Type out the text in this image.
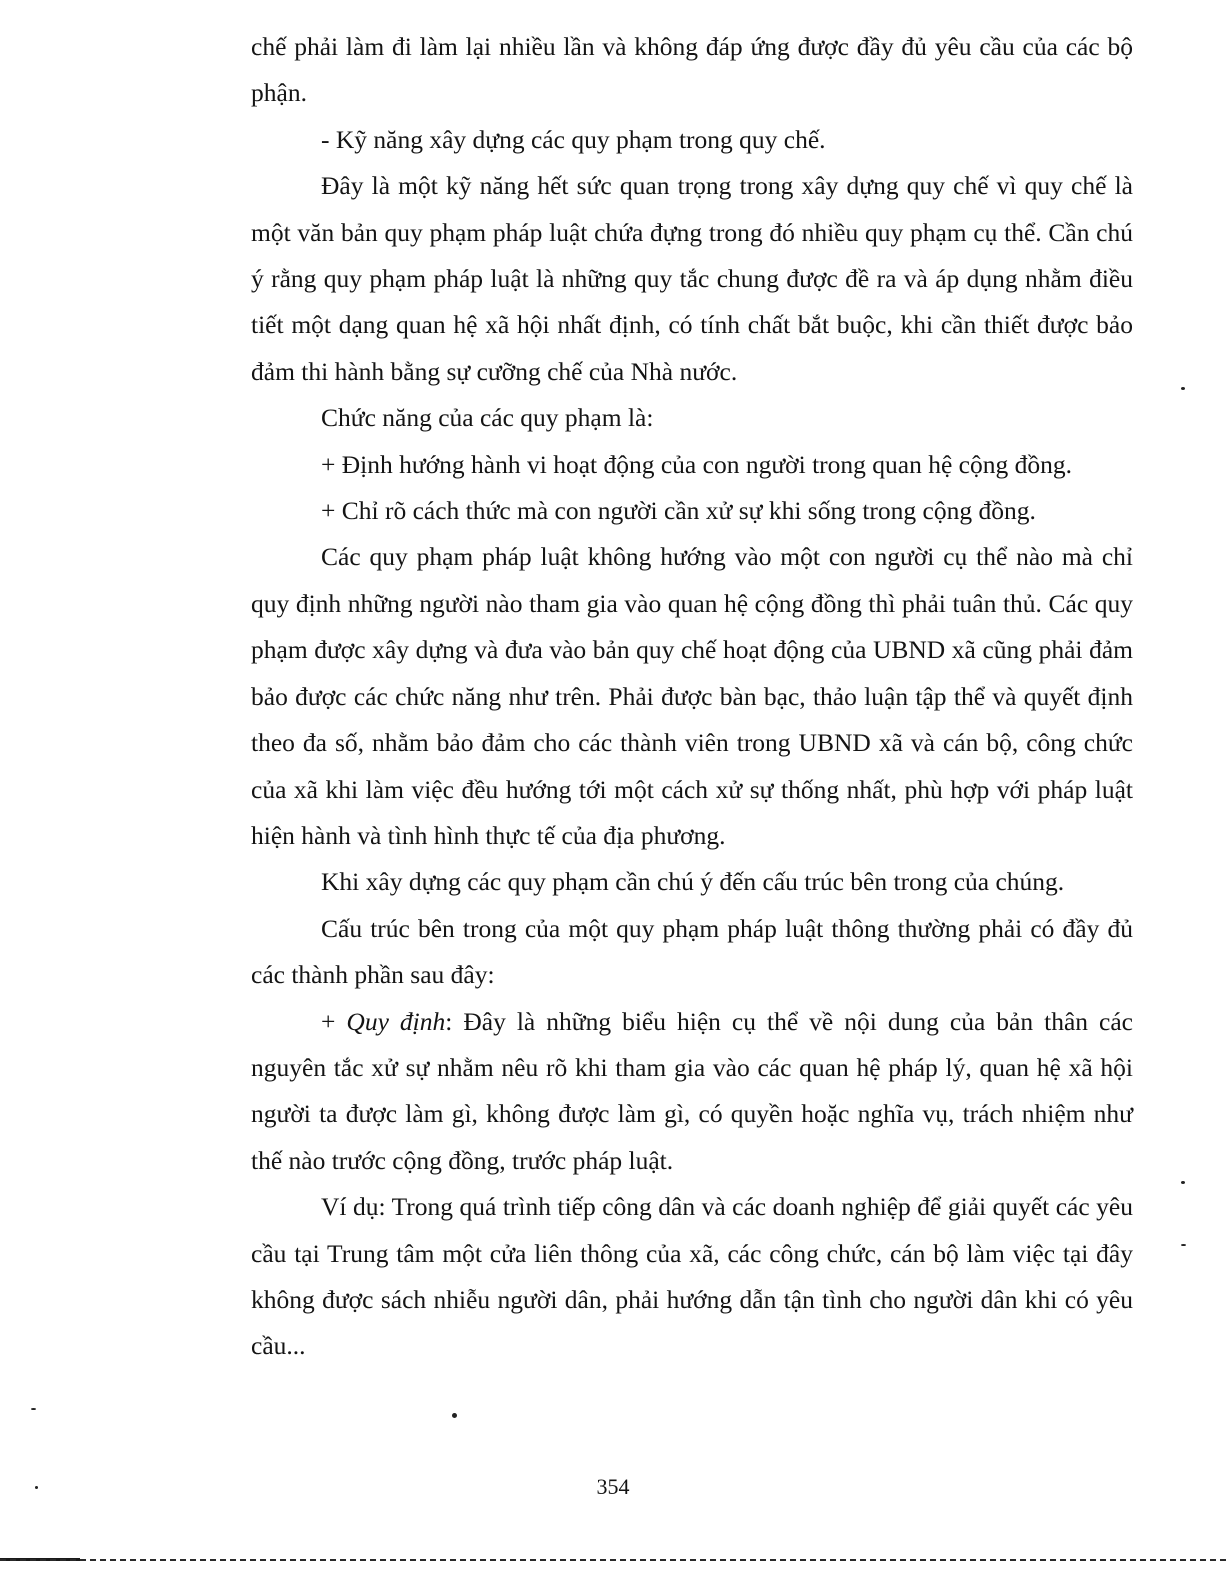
chế phải làm đi làm lại nhiều lần và không đáp ứng được đầy đủ yêu cầu của các bộ phận.

- Kỹ năng xây dựng các quy phạm trong quy chế.

Đây là một kỹ năng hết sức quan trọng trong xây dựng quy chế vì quy chế là một văn bản quy phạm pháp luật chứa đựng trong đó nhiều quy phạm cụ thể. Cần chú ý rằng quy phạm pháp luật là những quy tắc chung được đề ra và áp dụng nhằm điều tiết một dạng quan hệ xã hội nhất định, có tính chất bắt buộc, khi cần thiết được bảo đảm thi hành bằng sự cưỡng chế của Nhà nước.

Chức năng của các quy phạm là:

+ Định hướng hành vi hoạt động của con người trong quan hệ cộng đồng.

+ Chỉ rõ cách thức mà con người cần xử sự khi sống trong cộng đồng.

Các quy phạm pháp luật không hướng vào một con người cụ thể nào mà chỉ quy định những người nào tham gia vào quan hệ cộng đồng thì phải tuân thủ. Các quy phạm được xây dựng và đưa vào bản quy chế hoạt động của UBND xã cũng phải đảm bảo được các chức năng như trên. Phải được bàn bạc, thảo luận tập thể và quyết định theo đa số, nhằm bảo đảm cho các thành viên trong UBND xã và cán bộ, công chức của xã khi làm việc đều hướng tới một cách xử sự thống nhất, phù hợp với pháp luật hiện hành và tình hình thực tế của địa phương.

Khi xây dựng các quy phạm cần chú ý đến cấu trúc bên trong của chúng.

Cấu trúc bên trong của một quy phạm pháp luật thông thường phải có đầy đủ các thành phần sau đây:

+ Quy định: Đây là những biểu hiện cụ thể về nội dung của bản thân các nguyên tắc xử sự nhằm nêu rõ khi tham gia vào các quan hệ pháp lý, quan hệ xã hội người ta được làm gì, không được làm gì, có quyền hoặc nghĩa vụ, trách nhiệm như thế nào trước cộng đồng, trước pháp luật.

Ví dụ: Trong quá trình tiếp công dân và các doanh nghiệp để giải quyết các yêu cầu tại Trung tâm một cửa liên thông của xã, các công chức, cán bộ làm việc tại đây không được sách nhiễu người dân, phải hướng dẫn tận tình cho người dân khi có yêu cầu...

354
